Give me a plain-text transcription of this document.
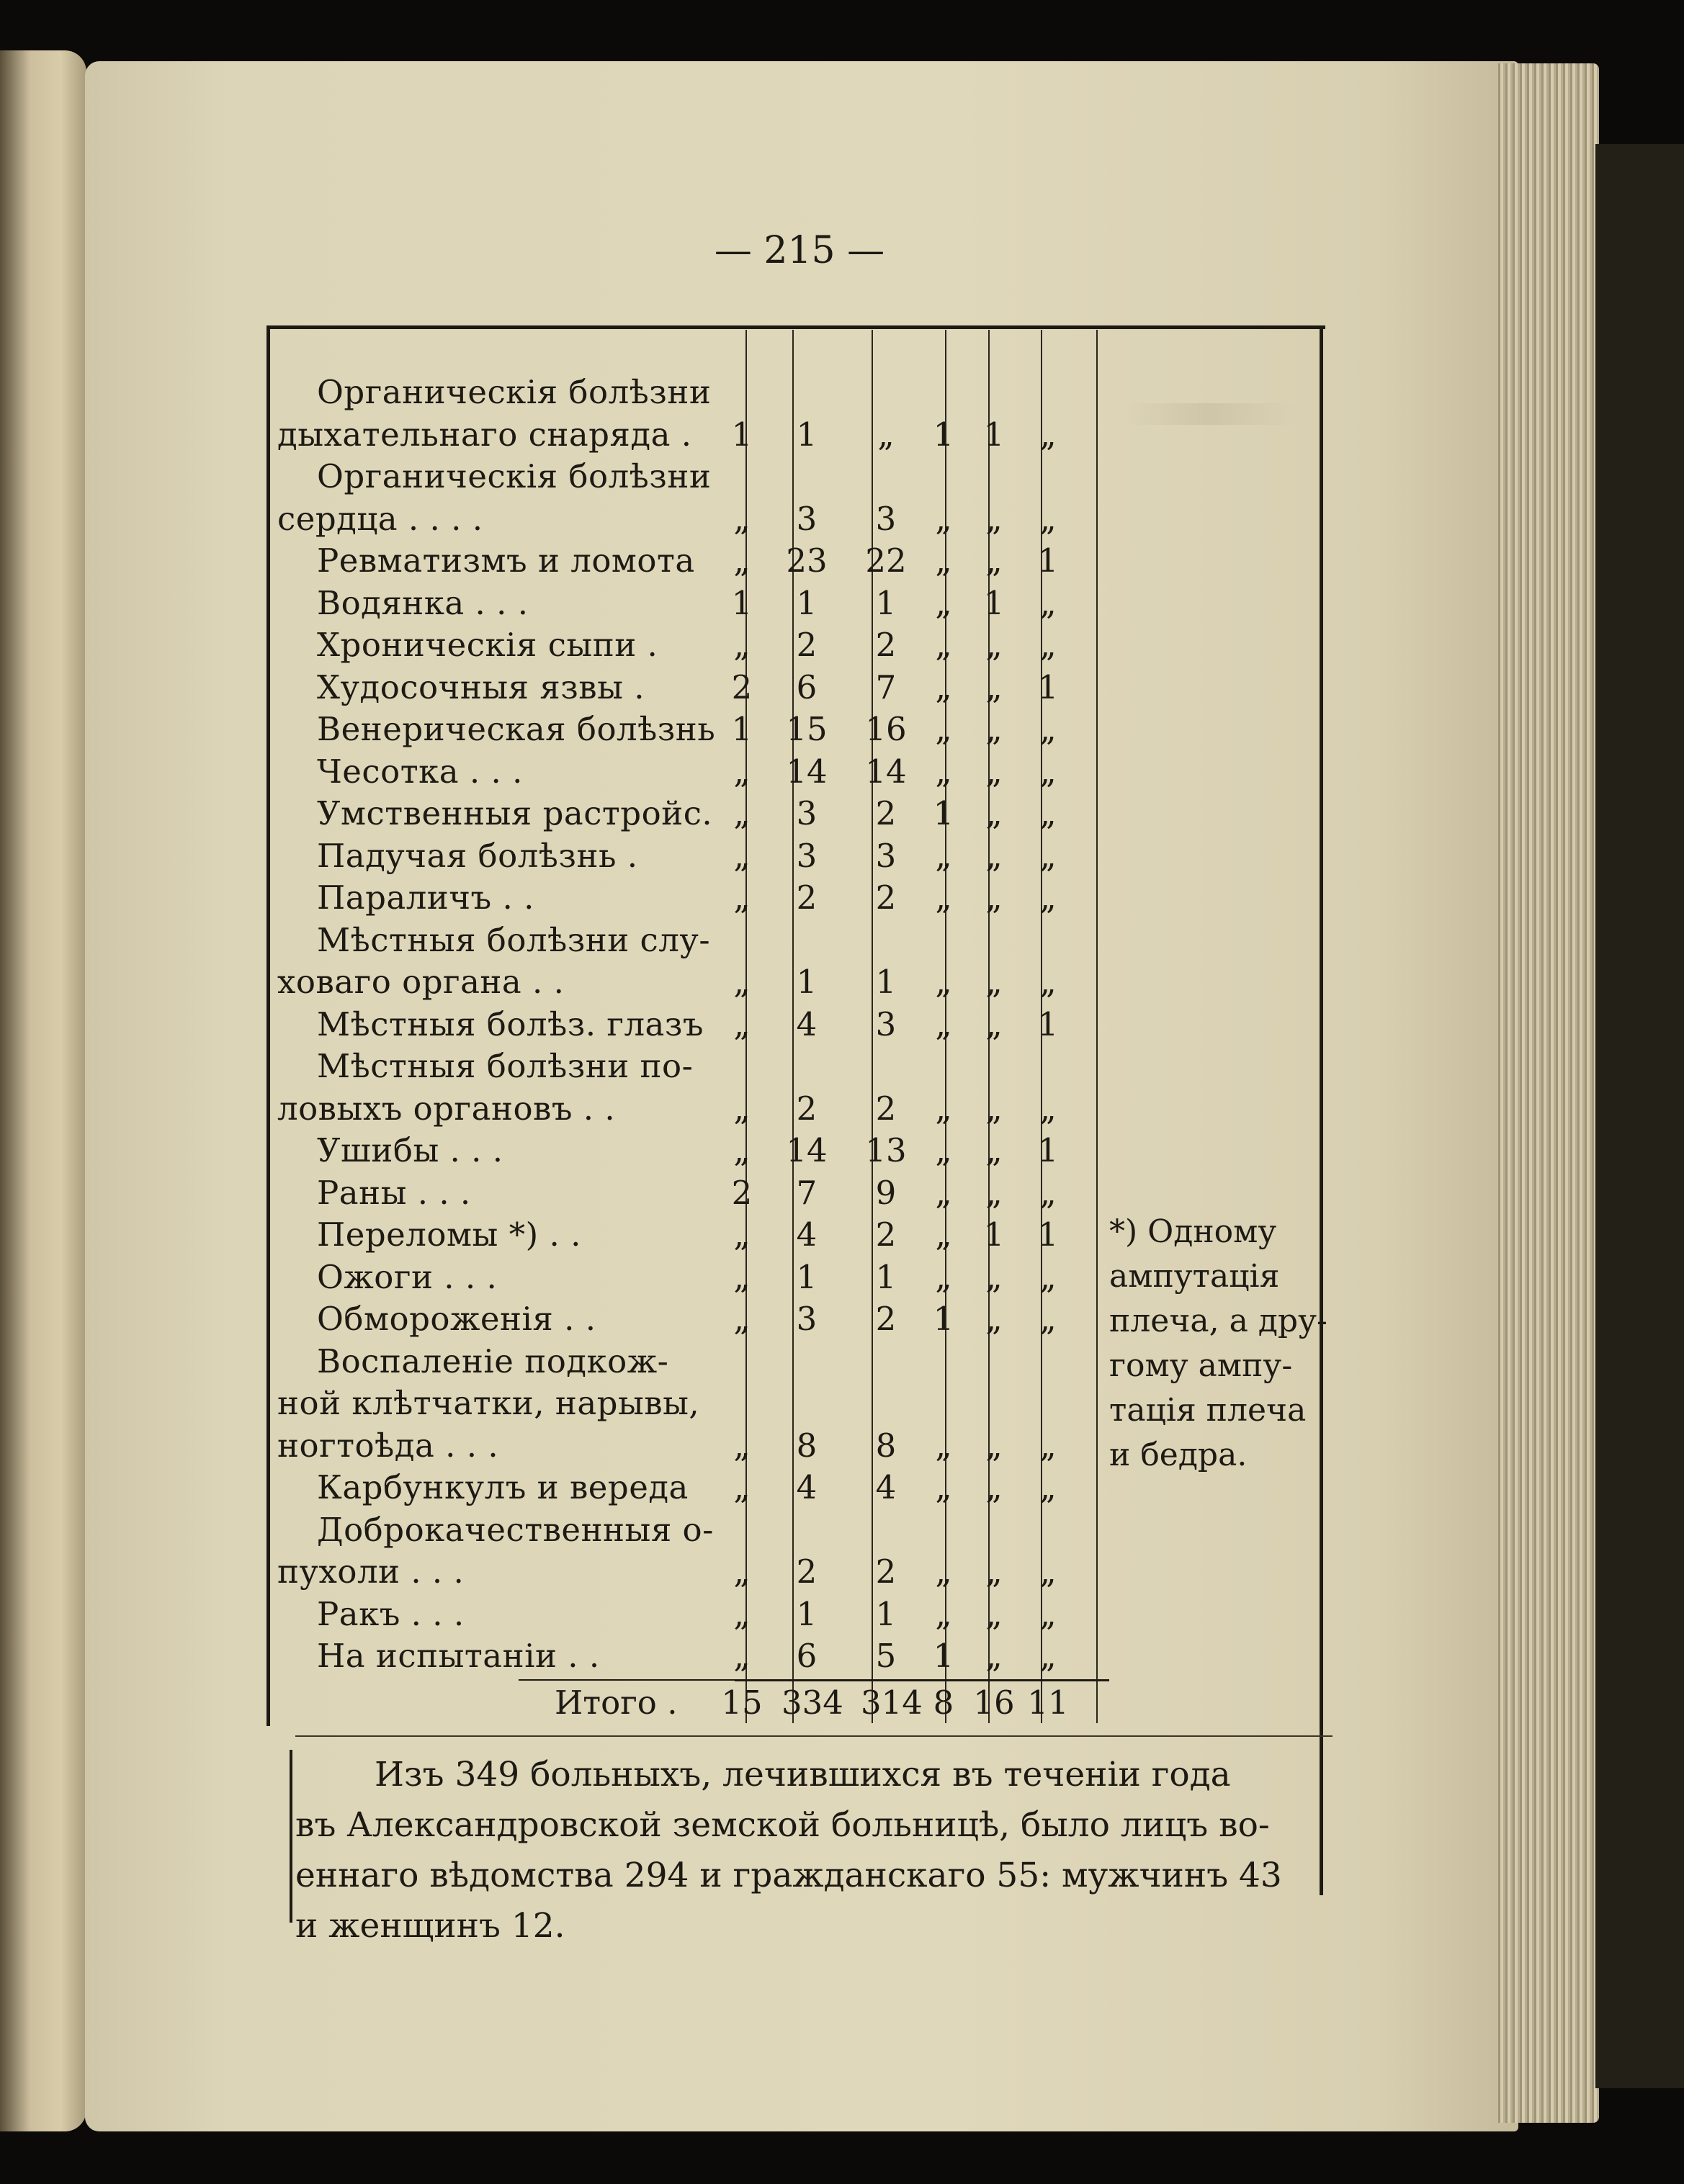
— 215 —
Органическія болѣзни
дыхательнаго снаряда .	1	1	„	1 1	„
Органическія болѣзни
сердца . . . .	„	3	3	„	„	„
Ревматизмъ и ломота	„	23 22 „	„	1
Водянка . . .	1	1	1	„ 1	„
Хроническія сыпи .	„	2	2	„	„	„
Худосочныя язвы .	2	6	7	„	„	1
Венерическая болѣзнь 1	15 16 „	„	„
Чесотка . . .	„	14 14 „	„	„
Умственныя растройс. „	3	2	1 „	„
Падучая болѣзнь .	„	3	3	„	„	„
Параличъ . .	„	2	2	„	„	„
Мѣстныя болѣзни слу-
ховаго органа . .	„	1	1	„	„	„
Мѣстныя болѣз. глазъ „	4	3	„	„	1
Мѣстныя болѣзни по-
ловыхъ органовъ . .	„	2	2	„	„	„
Ушибы . . .	„	14 13 „	„	1
Раны . . .	2	7	9	„	„	„
Переломы *) . .	„	4	2	„ 1	1
Ожоги . . .	„	1	1	„	„	„
Обмороженія . .	„	3	2	1 „	„
Воспаленіе подкож-
ной клѣтчатки, нарывы,
ногтоѣда . . .	„	8	8	„	„	„
Карбункулъ и вереда	„	4	4	„	„	„
Доброкачественныя о-
пухоли . . .	„	2	2	„	„	„
Ракъ . . .	„	1	1	„	„	„
На испытаніи . .	„	6	5	1 „	„
Итого . 15 334 314 8 16 11
*) Одному
ампутація
плеча, а дру-
гому ампу-
тація плеча
и бедра.
Изъ 349 больныхъ, лечившихся въ теченіи года
въ Александровской земской больницѣ, было лицъ во-
еннаго вѣдомства 294 и гражданскаго 55: мужчинъ 43
и женщинъ 12.
